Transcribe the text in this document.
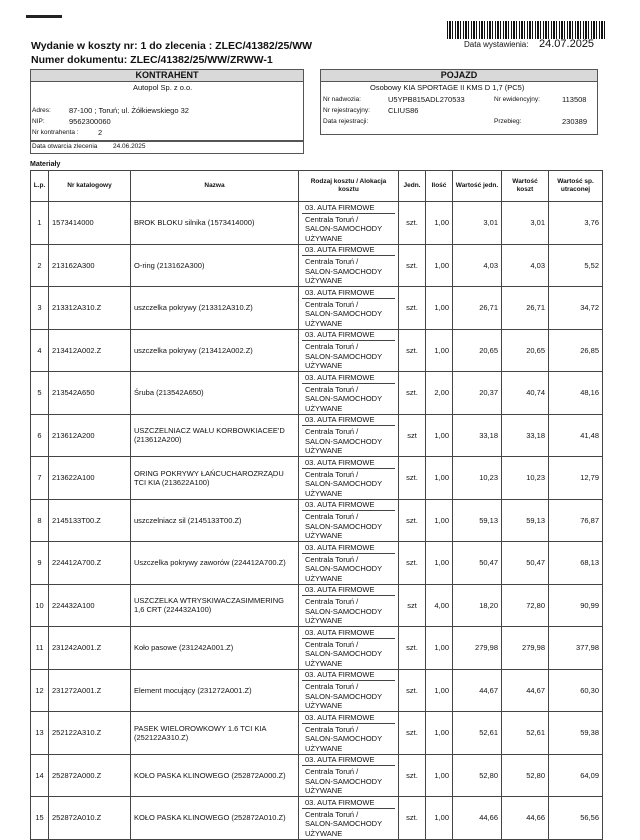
Data wystawienia: 24.07.2025
Wydanie w koszty nr: 1 do zlecenia : ZLEC/41382/25/WW
Numer dokumentu: ZLEC/41382/25/WW/ZRWW-1
KONTRAHENT
Autopol Sp. z o.o.
Adres: 87-100 ; Toruń; ul. Żółkiewskiego 32
NIP:	9562300060
Nr kontrahenta :	2
Data otwarcia zlecenia 24.06.2025
POJAZD
Osobowy KIA SPORTAGE II KMS D 1,7 (PC5)
Nr nadwozia:	U5YPB815ADL270533	Nr ewidencyjny:	113508
Nr rejestracyjny: CLIUS86
Data rejestracji:	Przebieg:	230389
Materiały
L.p.	Nr katalogowy	Nazwa	Rodzaj kosztu / Alokacja kosztu	Jedn.	Ilość	Wartość jedn.	Wartość koszt	Wartość sp. utraconej
1	1573414000	BROK BLOKU silnika (1573414000)	03. AUTA FIRMOWE
Centrala Toruń /
SALON-SAMOCHODY
UŻYWANE	szt.	1,00	3,01	3,01	3,76
2	213162A300	O-ring (213162A300)	03. AUTA FIRMOWE
Centrala Toruń /
SALON-SAMOCHODY
UŻYWANE	szt.	1,00	4,03	4,03	5,52
3	213312A310.Z	uszczelka pokrywy (213312A310.Z)	03. AUTA FIRMOWE
Centrala Toruń /
SALON-SAMOCHODY
UŻYWANE	szt.	1,00	26,71	26,71	34,72
4	213412A002.Z	uszczelka pokrywy (213412A002.Z)	03. AUTA FIRMOWE
Centrala Toruń /
SALON-SAMOCHODY
UŻYWANE	szt.	1,00	20,65	20,65	26,85
5	213542A650	Śruba (213542A650)	03. AUTA FIRMOWE
Centrala Toruń /
SALON-SAMOCHODY
UŻYWANE	szt.	2,00	20,37	40,74	48,16
6	213612A200	USZCZELNIACZ WAŁU KORBOWKIACEE'D (213612A200)	03. AUTA FIRMOWE
Centrala Toruń /
SALON-SAMOCHODY
UŻYWANE	szt	1,00	33,18	33,18	41,48
7	213622A100	ORING POKRYWY ŁAŃCUCHAROZRZĄDU TCI KIA (213622A100)	03. AUTA FIRMOWE
Centrala Toruń /
SALON-SAMOCHODY
UŻYWANE	szt.	1,00	10,23	10,23	12,79
8	2145133T00.Z	uszczelniacz sil (2145133T00.Z)	03. AUTA FIRMOWE
Centrala Toruń /
SALON-SAMOCHODY
UŻYWANE	szt.	1,00	59,13	59,13	76,87
9	224412A700.Z	Uszczelka pokrywy zaworów (224412A700.Z)	03. AUTA FIRMOWE
Centrala Toruń /
SALON-SAMOCHODY
UŻYWANE	szt.	1,00	50,47	50,47	68,13
10	224432A100	USZCZELKA WTRYSKIWACZASIMMERING 1,6 CRT (224432A100)	03. AUTA FIRMOWE
Centrala Toruń /
SALON-SAMOCHODY
UŻYWANE	szt	4,00	18,20	72,80	90,99
11	231242A001.Z	Koło pasowe (231242A001.Z)	03. AUTA FIRMOWE
Centrala Toruń /
SALON-SAMOCHODY
UŻYWANE	szt.	1,00	279,98	279,98	377,98
12	231272A001.Z	Element mocujący (231272A001.Z)	03. AUTA FIRMOWE
Centrala Toruń /
SALON-SAMOCHODY
UŻYWANE	szt.	1,00	44,67	44,67	60,30
13	252122A310.Z	PASEK WIELOROWKOWY 1.6 TCI KIA (252122A310.Z)	03. AUTA FIRMOWE
Centrala Toruń /
SALON-SAMOCHODY
UŻYWANE	szt.	1,00	52,61	52,61	59,38
14	252872A000.Z	KOŁO PASKA KLINOWEGO (252872A000.Z)	03. AUTA FIRMOWE
Centrala Toruń /
SALON-SAMOCHODY
UŻYWANE	szt.	1,00	52,80	52,80	64,09
15	252872A010.Z	KOŁO PASKA KLINOWEGO (252872A010.Z)	03. AUTA FIRMOWE
Centrala Toruń /
SALON-SAMOCHODY
UŻYWANE	szt.	1,00	44,66	44,66	56,56
